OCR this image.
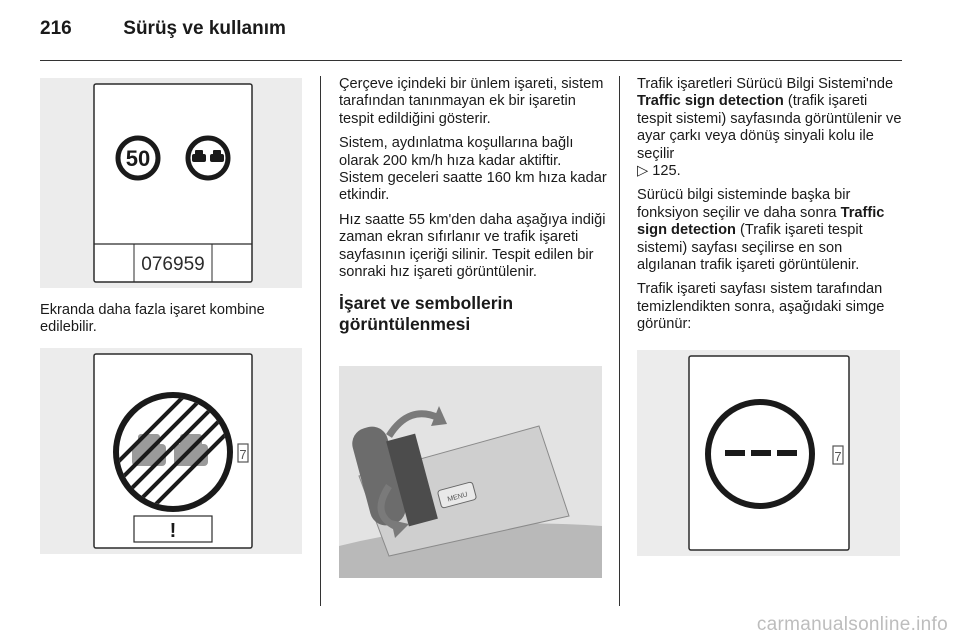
216	Sürüş ve kullanım
50
076959
Ekranda daha fazla işaret kombine edilebilir.
7
!

Çerçeve içindeki bir ünlem işareti, sistem tarafından tanınmayan ek bir işaretin tespit edildiğini gösterir.

Sistem, aydınlatma koşullarına bağlı olarak 200 km/h hıza kadar aktiftir. Sistem geceleri saatte 160 km hıza kadar etkindir.

Hız saatte 55 km'den daha aşağıya indiği zaman ekran sıfırlanır ve trafik işareti sayfasının içeriği silinir. Tespit edilen bir sonraki hız işareti görüntülenir.

İşaret ve sembollerin görüntülenmesi
MENU

Trafik işaretleri Sürücü Bilgi Sistemi'nde Traffic sign detection (trafik işareti tespit sistemi) sayfasında görüntülenir ve ayar çarkı veya dönüş sinyali kolu ile seçilir
▷ 125.

Sürücü bilgi sisteminde başka bir fonksiyon seçilir ve daha sonra Traffic sign detection (Trafik işareti tespit sistemi) sayfası seçilirse en son algılanan trafik işareti görüntülenir.

Trafik işareti sayfası sistem tarafından temizlendikten sonra, aşağıdaki simge görünür:

7
carmanualsonline.info
